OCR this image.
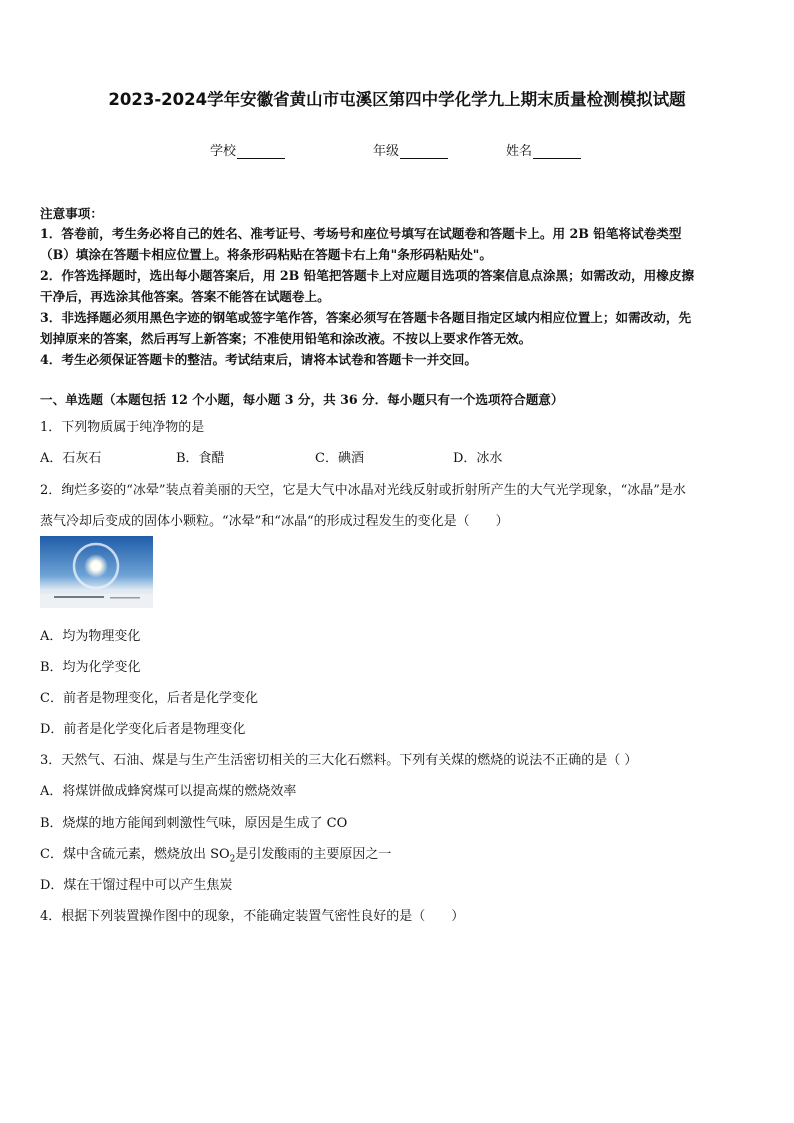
2023-2024学年安徽省黄山市屯溪区第四中学化学九上期末质量检测模拟试题
学校	年级	姓名
注意事项：
1．答卷前，考生务必将自己的姓名、准考证号、考场号和座位号填写在试题卷和答题卡上。用 2B 铅笔将试卷类型
（B）填涂在答题卡相应位置上。将条形码粘贴在答题卡右上角"条形码粘贴处"。
2．作答选择题时，选出每小题答案后，用 2B 铅笔把答题卡上对应题目选项的答案信息点涂黑；如需改动，用橡皮擦
干净后，再选涂其他答案。答案不能答在试题卷上。
3．非选择题必须用黑色字迹的钢笔或签字笔作答，答案必须写在答题卡各题目指定区域内相应位置上；如需改动，先
划掉原来的答案，然后再写上新答案；不准使用铅笔和涂改液。不按以上要求作答无效。
4．考生必须保证答题卡的整洁。考试结束后，请将本试卷和答题卡一并交回。
一、单选题（本题包括 12 个小题，每小题 3 分，共 36 分．每小题只有一个选项符合题意）
1．下列物质属于纯净物的是
A．石灰石	B．食醋	C．碘酒	D．冰水
2．绚烂多姿的“冰晕”装点着美丽的天空，它是大气中冰晶对光线反射或折射所产生的大气光学现象，“冰晶”是水
蒸气冷却后变成的固体小颗粒。“冰晕”和“冰晶“的形成过程发生的变化是（　　）
A．均为物理变化
B．均为化学变化
C．前者是物理变化，后者是化学变化
D．前者是化学变化后者是物理变化
3．天然气、石油、煤是与生产生活密切相关的三大化石燃料。下列有关煤的燃烧的说法不正确的是（ ）
A．将煤饼做成蜂窝煤可以提高煤的燃烧效率
B．烧煤的地方能闻到刺激性气味，原因是生成了 CO
C．煤中含硫元素，燃烧放出 $SO_2$是引发酸雨的主要原因之一
D．煤在干馏过程中可以产生焦炭
4．根据下列装置操作图中的现象，不能确定装置气密性良好的是（　　）
